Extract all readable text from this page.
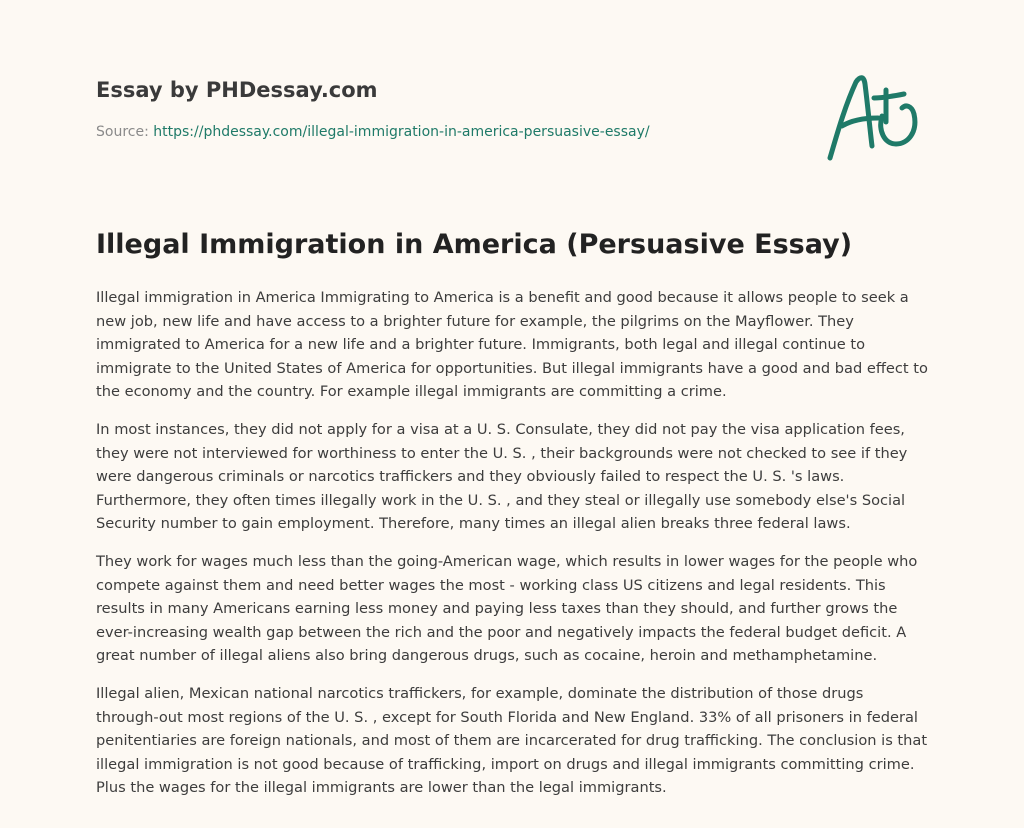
Essay by PHDessay.com

Source: https://phdessay.com/illegal-immigration-in-america-persuasive-essay/
Illegal Immigration in America (Persuasive Essay)

Illegal immigration in America Immigrating to America is a benefit and good because it allows people to seek a new job, new life and have access to a brighter future for example, the pilgrims on the Mayflower. They immigrated to America for a new life and a brighter future. Immigrants, both legal and illegal continue to immigrate to the United States of America for opportunities. But illegal immigrants have a good and bad effect to the economy and the country. For example illegal immigrants are committing a crime.

In most instances, they did not apply for a visa at a U. S. Consulate, they did not pay the visa application fees, they were not interviewed for worthiness to enter the U. S. , their backgrounds were not checked to see if they were dangerous criminals or narcotics traffickers and they obviously failed to respect the U. S. 's laws. Furthermore, they often times illegally work in the U. S. , and they steal or illegally use somebody else's Social Security number to gain employment. Therefore, many times an illegal alien breaks three federal laws.

They work for wages much less than the going-American wage, which results in lower wages for the people who compete against them and need better wages the most - working class US citizens and legal residents. This results in many Americans earning less money and paying less taxes than they should, and further grows the ever-increasing wealth gap between the rich and the poor and negatively impacts the federal budget deficit. A great number of illegal aliens also bring dangerous drugs, such as cocaine, heroin and methamphetamine.

Illegal alien, Mexican national narcotics traffickers, for example, dominate the distribution of those drugs through-out most regions of the U. S. , except for South Florida and New England. 33% of all prisoners in federal penitentiaries are foreign nationals, and most of them are incarcerated for drug trafficking. The conclusion is that illegal immigration is not good because of trafficking, import on drugs and illegal immigrants committing crime. Plus the wages for the illegal immigrants are lower than the legal immigrants.
